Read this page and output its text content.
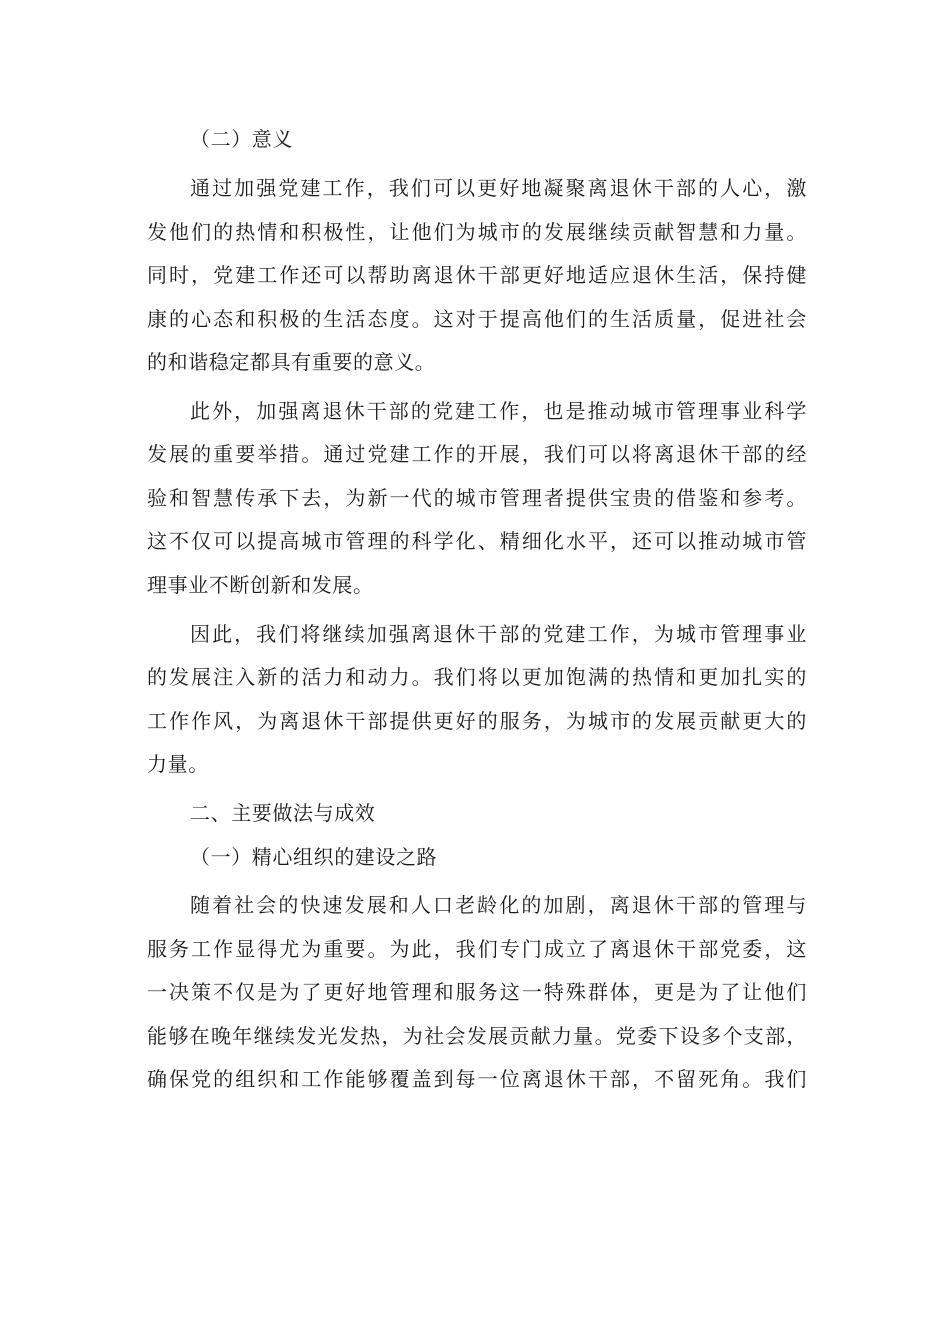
（二）意义
通过加强党建工作，我们可以更好地凝聚离退休干部的人心，激
发他们的热情和积极性，让他们为城市的发展继续贡献智慧和力量。
同时，党建工作还可以帮助离退休干部更好地适应退休生活，保持健
康的心态和积极的生活态度。这对于提高他们的生活质量，促进社会
的和谐稳定都具有重要的意义。
此外，加强离退休干部的党建工作，也是推动城市管理事业科学
发展的重要举措。通过党建工作的开展，我们可以将离退休干部的经
验和智慧传承下去，为新一代的城市管理者提供宝贵的借鉴和参考。
这不仅可以提高城市管理的科学化、精细化水平，还可以推动城市管
理事业不断创新和发展。
因此，我们将继续加强离退休干部的党建工作，为城市管理事业
的发展注入新的活力和动力。我们将以更加饱满的热情和更加扎实的
工作作风，为离退休干部提供更好的服务，为城市的发展贡献更大的
力量。
二、主要做法与成效
（一）精心组织的建设之路
随着社会的快速发展和人口老龄化的加剧，离退休干部的管理与
服务工作显得尤为重要。为此，我们专门成立了离退休干部党委，这
一决策不仅是为了更好地管理和服务这一特殊群体，更是为了让他们
能够在晚年继续发光发热，为社会发展贡献力量。党委下设多个支部，
确保党的组织和工作能够覆盖到每一位离退休干部，不留死角。我们
